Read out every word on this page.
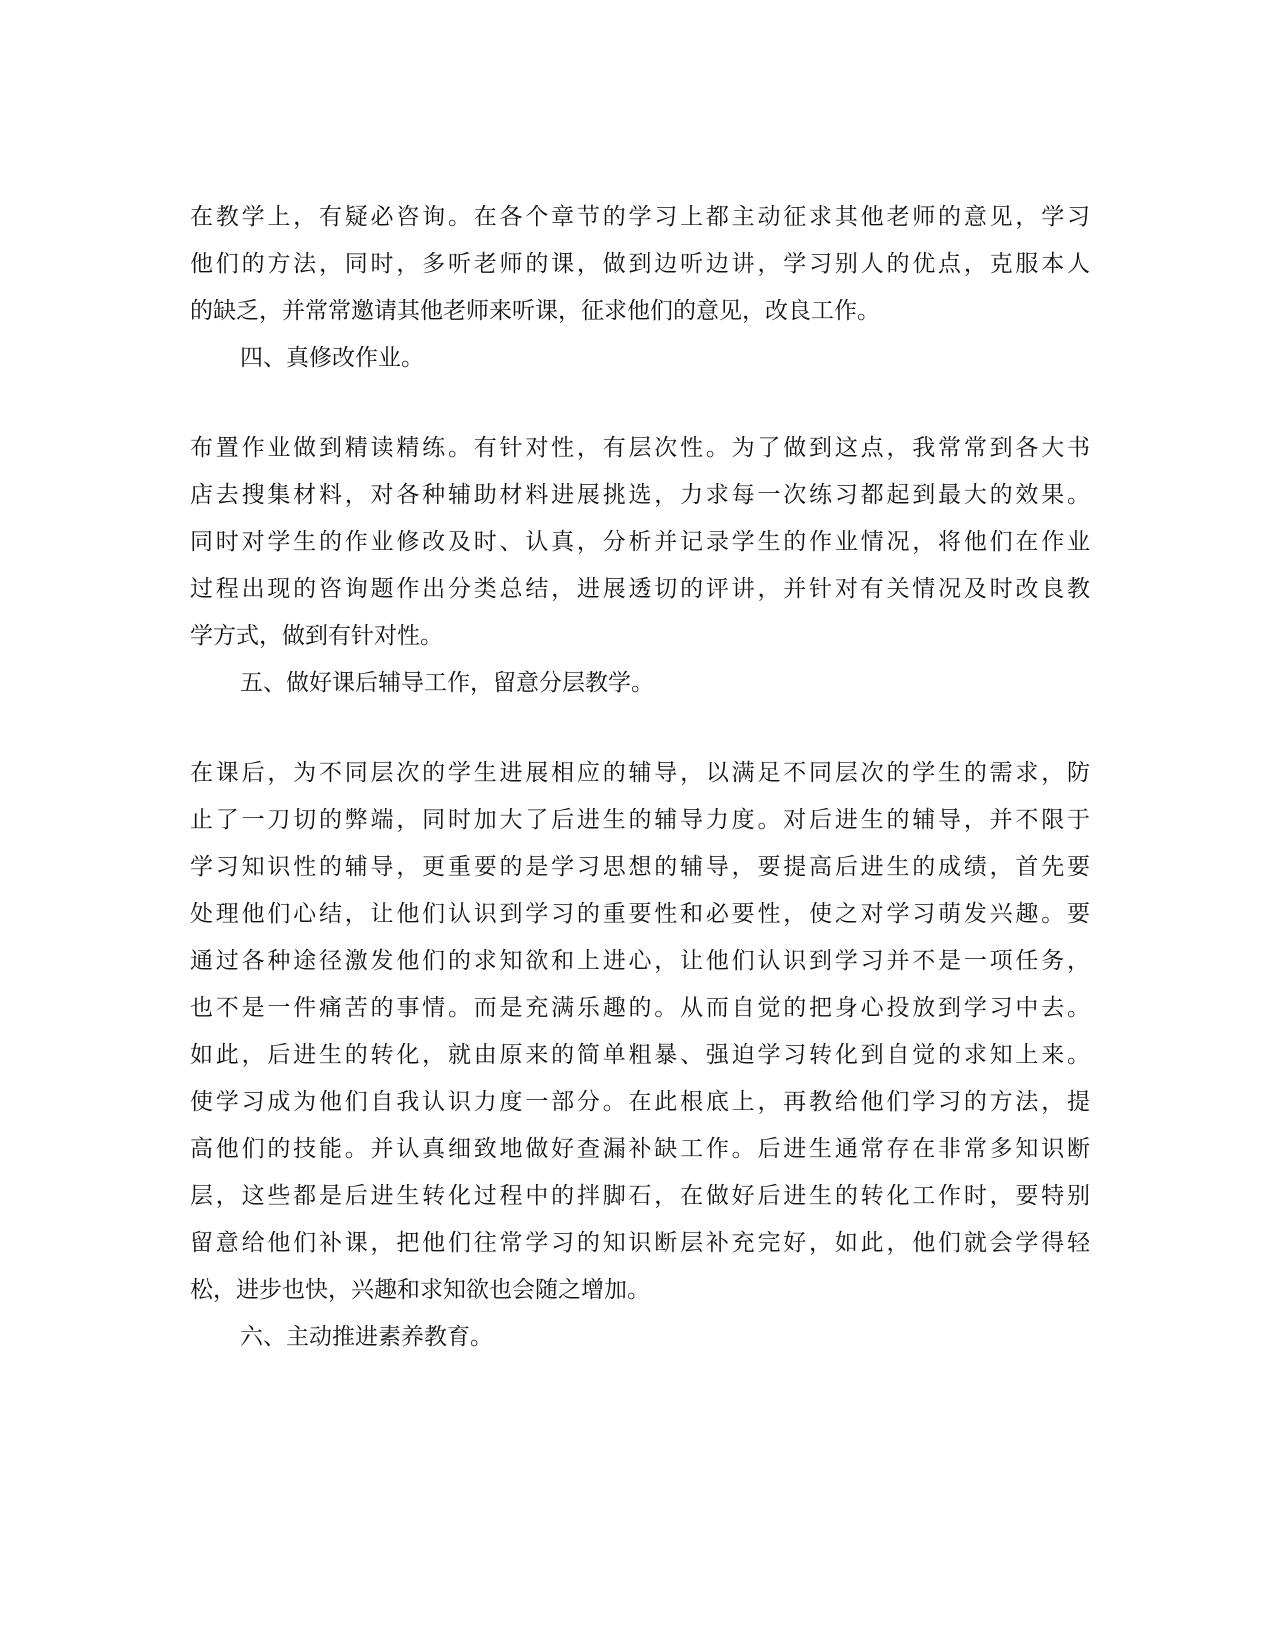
在教学上，有疑必咨询。在各个章节的学习上都主动征求其他老师的意见，学习

他们的方法，同时，多听老师的课，做到边听边讲，学习别人的优点，克服本人

的缺乏，并常常邀请其他老师来听课，征求他们的意见，改良工作。

四、真修改作业。

布置作业做到精读精练。有针对性，有层次性。为了做到这点，我常常到各大书

店去搜集材料，对各种辅助材料进展挑选，力求每一次练习都起到最大的效果。

同时对学生的作业修改及时、认真，分析并记录学生的作业情况，将他们在作业

过程出现的咨询题作出分类总结，进展透切的评讲，并针对有关情况及时改良教

学方式，做到有针对性。

五、做好课后辅导工作，留意分层教学。

在课后，为不同层次的学生进展相应的辅导，以满足不同层次的学生的需求，防

止了一刀切的弊端，同时加大了后进生的辅导力度。对后进生的辅导，并不限于

学习知识性的辅导，更重要的是学习思想的辅导，要提高后进生的成绩，首先要

处理他们心结，让他们认识到学习的重要性和必要性，使之对学习萌发兴趣。要

通过各种途径激发他们的求知欲和上进心，让他们认识到学习并不是一项任务，

也不是一件痛苦的事情。而是充满乐趣的。从而自觉的把身心投放到学习中去。

如此，后进生的转化，就由原来的简单粗暴、强迫学习转化到自觉的求知上来。

使学习成为他们自我认识力度一部分。在此根底上，再教给他们学习的方法，提

高他们的技能。并认真细致地做好查漏补缺工作。后进生通常存在非常多知识断

层，这些都是后进生转化过程中的拌脚石，在做好后进生的转化工作时，要特别

留意给他们补课，把他们往常学习的知识断层补充完好，如此，他们就会学得轻

松，进步也快，兴趣和求知欲也会随之增加。

六、主动推进素养教育。
